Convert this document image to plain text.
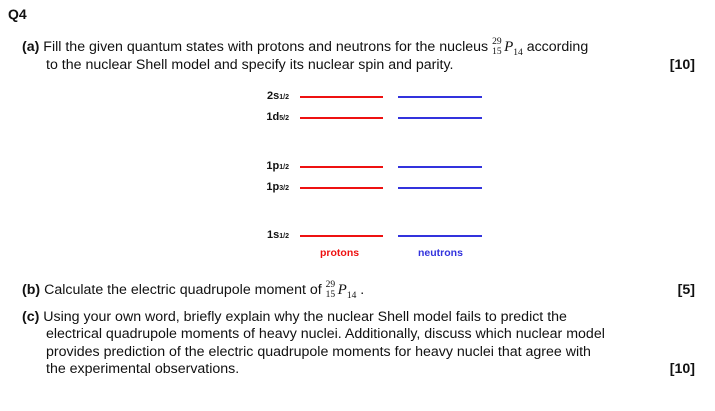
Q4
(a) Fill the given quantum states with protons and neutrons for the nucleus 29
15 $P_{14}$ according
to the nuclear Shell model and specify its nuclear spin and parity.	[10]
2s1/2
1d5/2
1p1/2
1p3/2
1s1/2
protons	neutrons
(b) Calculate the electric quadrupole moment of 29
15 $P_{14}$ .	[5]
(c) Using your own word, briefly explain why the nuclear Shell model fails to predict the
electrical quadrupole moments of heavy nuclei. Additionally, discuss which nuclear model
provides prediction of the electric quadrupole moments for heavy nuclei that agree with
the experimental observations.	[10]
